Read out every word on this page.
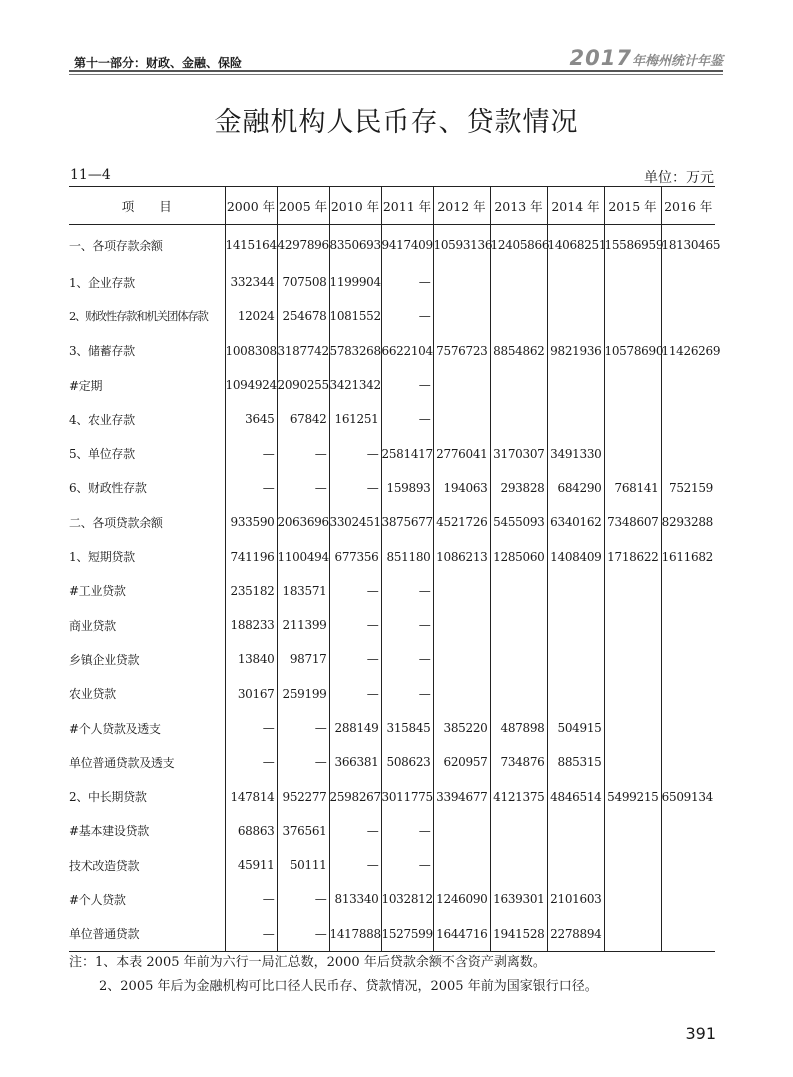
第十一部分：财政、金融、保险	2017年梅州统计年鉴
金融机构人民币存、贷款情况
11—4	单位：万元
项　　目	2000 年	2005 年	2010 年	2011 年	2012 年	2013 年	2014 年	2015 年	2016 年
一、各项存款余额	1415164	4297896	8350693	9417409	10593136	12405866	14068251	15586959	18130465
1、企业存款	332344	707508	1199904	—					
2、财政性存款和机关团体存款	12024	254678	1081552	—					
3、储蓄存款	1008308	3187742	5783268	6622104	7576723	8854862	9821936	10578690	11426269
#定期	1094924	2090255	3421342	—					
4、农业存款	3645	67842	161251	—					
5、单位存款	—	—	—	2581417	2776041	3170307	3491330		
6、财政性存款	—	—	—	159893	194063	293828	684290	768141	752159
二、各项贷款余额	933590	2063696	3302451	3875677	4521726	5455093	6340162	7348607	8293288
1、短期贷款	741196	1100494	677356	851180	1086213	1285060	1408409	1718622	1611682
#工业贷款	235182	183571	—	—					
商业贷款	188233	211399	—	—					
乡镇企业贷款	13840	98717	—	—					
农业贷款	30167	259199	—	—					
#个人贷款及透支	—	—	288149	315845	385220	487898	504915		
单位普通贷款及透支	—	—	366381	508623	620957	734876	885315		
2、中长期贷款	147814	952277	2598267	3011775	3394677	4121375	4846514	5499215	6509134
#基本建设贷款	68863	376561	—	—					
技术改造贷款	45911	50111	—	—					
#个人贷款	—	—	813340	1032812	1246090	1639301	2101603		
单位普通贷款	—	—	1417888	1527599	1644716	1941528	2278894		
注：1、本表 2005 年前为六行一局汇总数，2000 年后贷款余额不含资产剥离数。
2、2005 年后为金融机构可比口径人民币存、贷款情况，2005 年前为国家银行口径。
391
